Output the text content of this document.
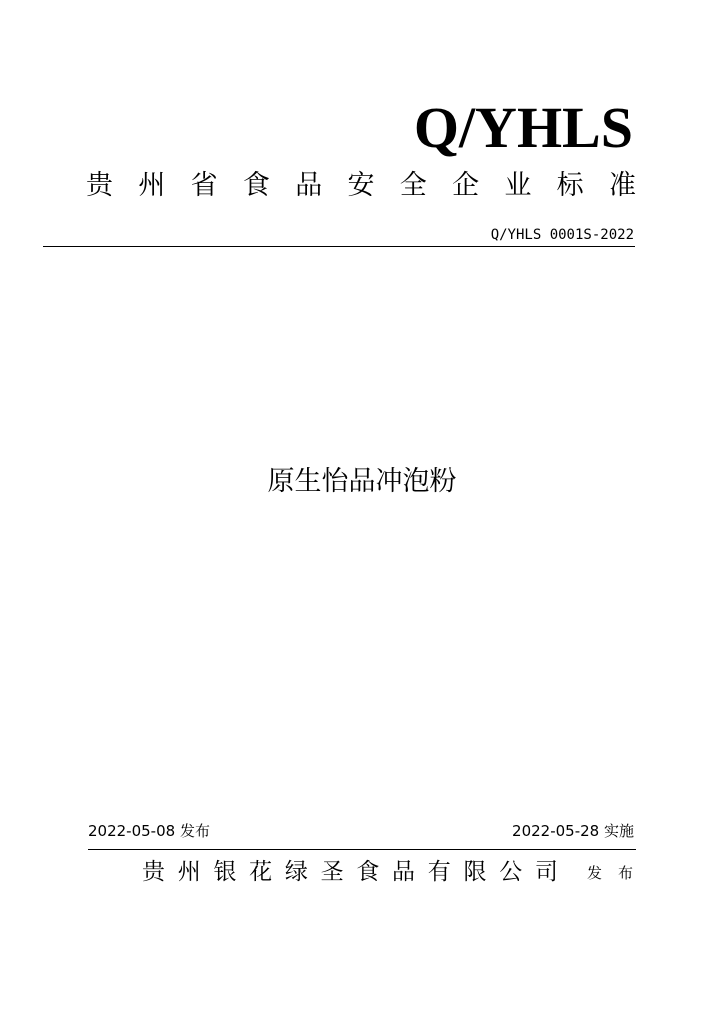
Q/YHLS
贵 州 省 食 品 安 全 企 业 标 准
Q/YHLS 0001S-2022
原生怡品冲泡粉
2022-05-08 发布	2022-05-28 实施
贵 州 银 花 绿 圣 食 品 有 限 公 司 发 布
